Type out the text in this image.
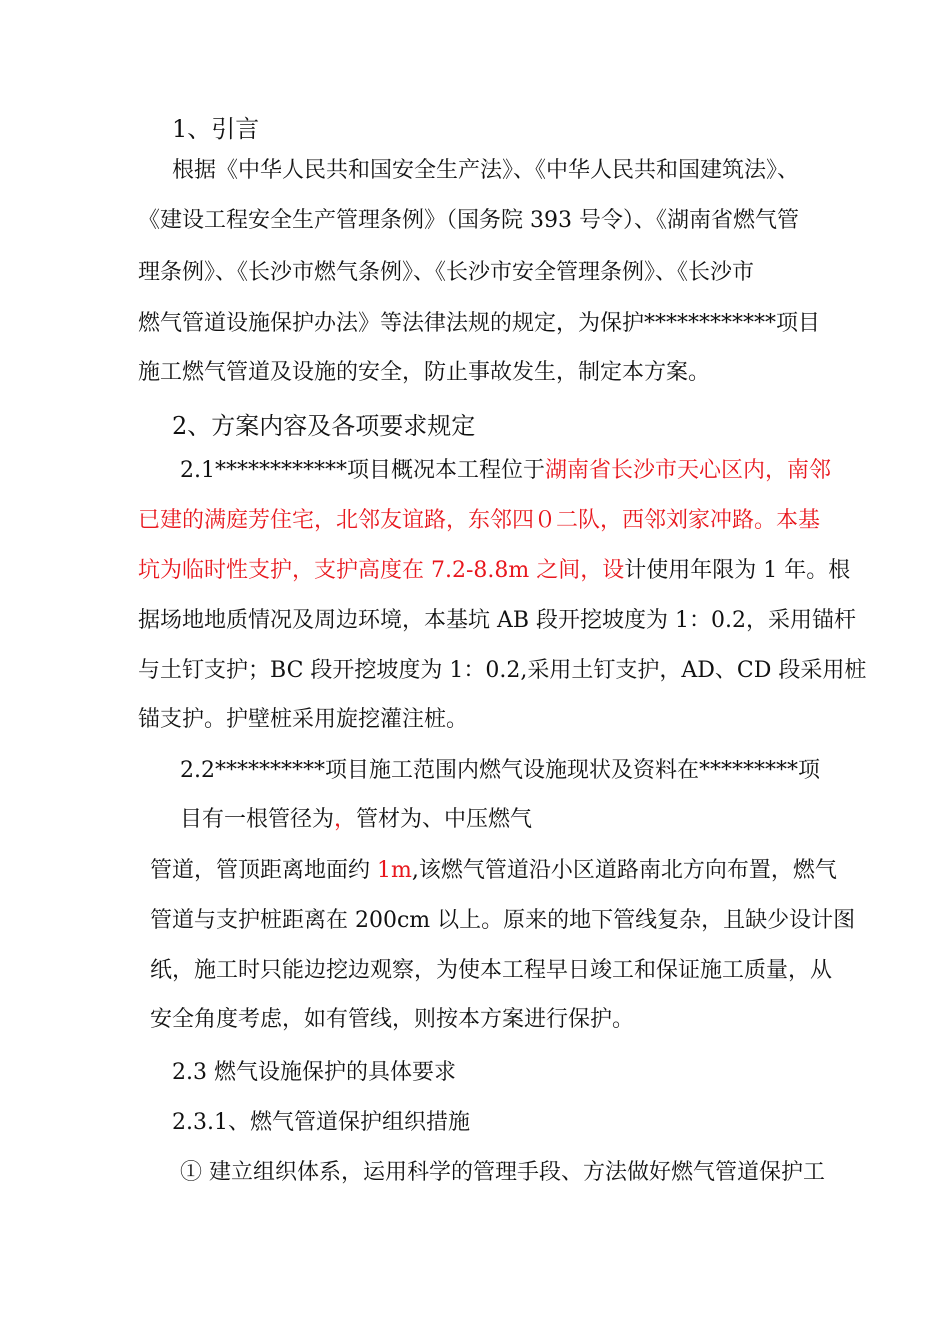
1、引言
根据《中华人民共和国安全生产法》、《中华人民共和国建筑法》、
《建设工程安全生产管理条例》（国务院 393 号令）、《湖南省燃气管
理条例》、《长沙市燃气条例》、《长沙市安全管理条例》、《长沙市
燃气管道设施保护办法》等法律法规的规定，为保护************项目
施工燃气管道及设施的安全，防止事故发生，制定本方案。
2、方案内容及各项要求规定
2.1************项目概况本工程位于湖南省长沙市天心区内，南邻
已建的满庭芳住宅，北邻友谊路，东邻四０二队，西邻刘家冲路。本基
坑为临时性支护，支护高度在 7.2-8.8m 之间，设计使用年限为 1 年。根
据场地地质情况及周边环境，本基坑 AB 段开挖坡度为 1：0.2，采用锚杆
与土钉支护；BC 段开挖坡度为 1：0.2,采用土钉支护，AD、CD 段采用桩
锚支护。护壁桩采用旋挖灌注桩。
2.2**********项目施工范围内燃气设施现状及资料在*********项
目有一根管径为，管材为、中压燃气
管道，管顶距离地面约 1m,该燃气管道沿小区道路南北方向布置，燃气
管道与支护桩距离在 200cm 以上。原来的地下管线复杂，且缺少设计图
纸，施工时只能边挖边观察，为使本工程早日竣工和保证施工质量，从
安全角度考虑，如有管线，则按本方案进行保护。
2.3 燃气设施保护的具体要求
2.3.1、燃气管道保护组织措施
① 建立组织体系，运用科学的管理手段、方法做好燃气管道保护工
